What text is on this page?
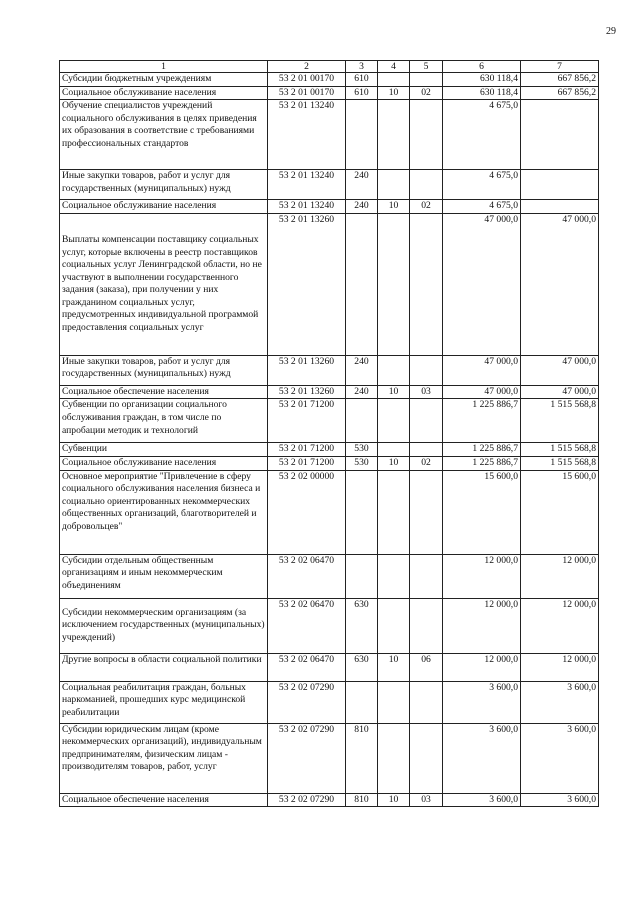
29
1	2	3	4	5	6	7
Субсидии бюджетным учреждениям	53 2 01 00170	610			630 118,4	667 856,2
Социальное обслуживание населения	53 2 01 00170	610	10	02	630 118,4	667 856,2
Обучение специалистов учреждений социального обслуживания в целях приведения их образования в соответствие с требованиями профессиональных стандартов	53 2 01 13240				4 675,0	
Иные закупки товаров, работ и услуг для государственных (муниципальных) нужд	53 2 01 13240	240			4 675,0	
Социальное обслуживание населения	53 2 01 13240	240	10	02	4 675,0	
Выплаты компенсации поставщику социальных услуг, которые включены в реестр поставщиков социальных услуг Ленинградской области, но не участвуют в выполнении государственного задания (заказа), при получении у них гражданином социальных услуг, предусмотренных индивидуальной программой предоставления социальных услуг	53 2 01 13260				47 000,0	47 000,0
Иные закупки товаров, работ и услуг для государственных (муниципальных) нужд	53 2 01 13260	240			47 000,0	47 000,0
Социальное обеспечение населения	53 2 01 13260	240	10	03	47 000,0	47 000,0
Субвенции по организации социального обслуживания граждан, в том числе по апробации методик и технологий	53 2 01 71200				1 225 886,7	1 515 568,8
Субвенции	53 2 01 71200	530			1 225 886,7	1 515 568,8
Социальное обслуживание населения	53 2 01 71200	530	10	02	1 225 886,7	1 515 568,8
Основное мероприятие "Привлечение в сферу социального обслуживания населения бизнеса и социально ориентированных некоммерческих общественных организаций, благотворителей и добровольцев"	53 2 02 00000				15 600,0	15 600,0
Субсидии отдельным общественным организациям и иным некоммерческим объединениям	53 2 02 06470				12 000,0	12 000,0
Субсидии некоммерческим организациям (за исключением государственных (муниципальных) учреждений)	53 2 02 06470	630			12 000,0	12 000,0
Другие вопросы в области социальной политики	53 2 02 06470	630	10	06	12 000,0	12 000,0
Социальная реабилитация граждан, больных наркоманией, прошедших курс медицинской реабилитации	53 2 02 07290				3 600,0	3 600,0
Субсидии юридическим лицам (кроме некоммерческих организаций), индивидуальным предпринимателям, физическим лицам - производителям товаров, работ, услуг	53 2 02 07290	810			3 600,0	3 600,0
Социальное обеспечение населения	53 2 02 07290	810	10	03	3 600,0	3 600,0
